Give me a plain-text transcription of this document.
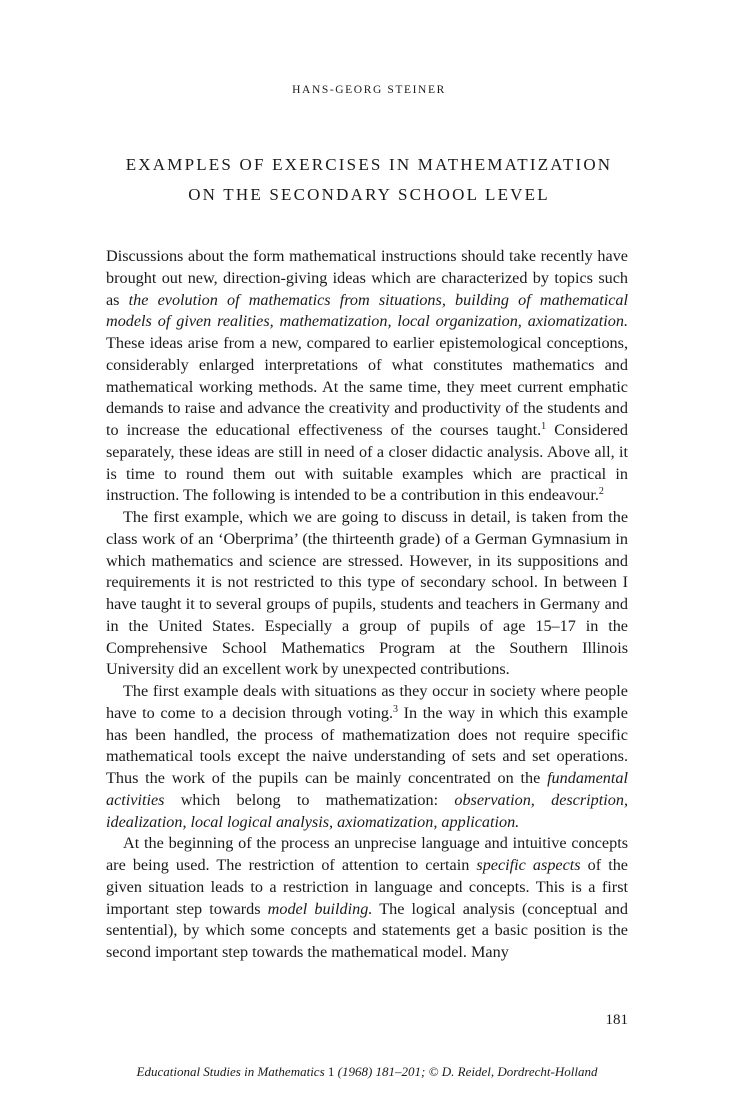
HANS-GEORG STEINER
EXAMPLES OF EXERCISES IN MATHEMATIZATION
ON THE SECONDARY SCHOOL LEVEL

Discussions about the form mathematical instructions should take recently have brought out new, direction-giving ideas which are characterized by topics such as the evolution of mathematics from situations, building of mathematical models of given realities, mathematization, local organization, axiomatization. These ideas arise from a new, compared to earlier epistemological conceptions, considerably enlarged interpretations of what constitutes mathematics and mathematical working methods. At the same time, they meet current emphatic demands to raise and advance the creativity and productivity of the students and to increase the educational effectiveness of the courses taught.$^1$ Considered separately, these ideas are still in need of a closer didactic analysis. Above all, it is time to round them out with suitable examples which are practical in instruction. The following is intended to be a contribution in this endeavour.$^2$

The first example, which we are going to discuss in detail, is taken from the class work of an ‘Oberprima’ (the thirteenth grade) of a German Gymnasium in which mathematics and science are stressed. However, in its suppositions and requirements it is not restricted to this type of secondary school. In between I have taught it to several groups of pupils, students and teachers in Germany and in the United States. Especially a group of pupils of age 15–17 in the Comprehensive School Mathematics Program at the Southern Illinois University did an excellent work by unexpected contributions.

The first example deals with situations as they occur in society where people have to come to a decision through voting.$^3$ In the way in which this example has been handled, the process of mathematization does not require specific mathematical tools except the naive understanding of sets and set operations. Thus the work of the pupils can be mainly concentrated on the fundamental activities which belong to mathematization: observation, description, idealization, local logical analysis, axiomatization, application.

At the beginning of the process an unprecise language and intuitive concepts are being used. The restriction of attention to certain specific aspects of the given situation leads to a restriction in language and concepts. This is a first important step towards model building. The logical analysis (conceptual and sentential), by which some concepts and statements get a basic position is the second important step towards the mathematical model. Many

181
Educational Studies in Mathematics 1 (1968) 181–201; © D. Reidel, Dordrecht-Holland
